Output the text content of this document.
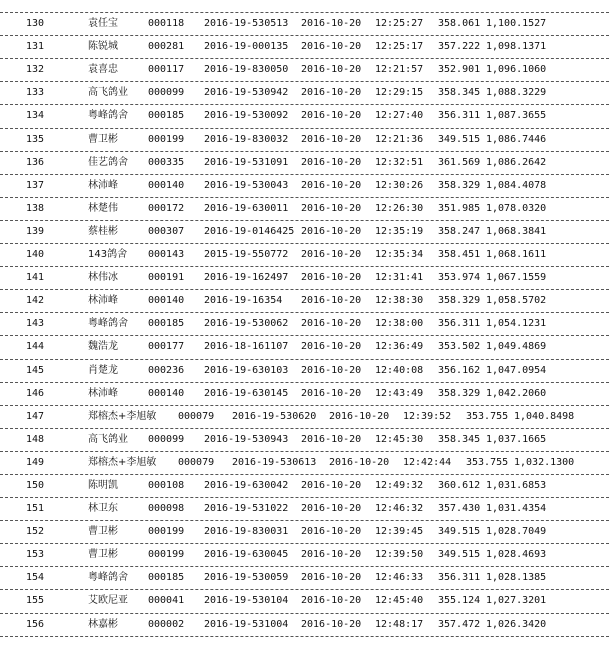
130	袁任宝	000118 2016-19-530513 2016-10-20 12:25:27 358.061 1,100.1527
131	陈锐城	000281 2016-19-000135 2016-10-20 12:25:17 357.222 1,098.1371
132	袁喜忠	000117 2016-19-830050 2016-10-20 12:21:57 352.901 1,096.1060
133	高飞鸽业 000099 2016-19-530942 2016-10-20 12:29:15 358.345 1,088.3229
134	粤峰鸽舍 000185 2016-19-530092 2016-10-20 12:27:40 356.311 1,087.3655
135	曹卫彬	000199 2016-19-830032 2016-10-20 12:21:36 349.515 1,086.7446
136	佳艺鸽舍 000335 2016-19-531091 2016-10-20 12:32:51 361.569 1,086.2642
137	林沛峰	000140 2016-19-530043 2016-10-20 12:30:26 358.329 1,084.4078
138	林楚伟	000172 2016-19-630011 2016-10-20 12:26:30 351.985 1,078.0320
139	蔡桂彬	000307 2016-19-0146425 2016-10-20 12:35:19 358.247 1,068.3841
140	143鸽舍 000143 2015-19-550772 2016-10-20 12:35:34 358.451 1,068.1611
141	林伟冰	000191 2016-19-162497 2016-10-20 12:31:41 353.974 1,067.1559
142	林沛峰	000140 2016-19-16354 2016-10-20 12:38:30 358.329 1,058.5702
143	粤峰鸽舍 000185 2016-19-530062 2016-10-20 12:38:00 356.311 1,054.1231
144	魏浩龙	000177 2016-18-161107 2016-10-20 12:36:49 353.502 1,049.4869
145	肖楚龙	000236 2016-19-630103 2016-10-20 12:40:08 356.162 1,047.0954
146	林沛峰	000140 2016-19-630145 2016-10-20 12:43:49 358.329 1,042.2060
147	郑榕杰+李旭敏 000079 2016-19-530620 2016-10-20 12:39:52 353.755 1,040.8498
148	高飞鸽业 000099 2016-19-530943 2016-10-20 12:45:30 358.345 1,037.1665
149	郑榕杰+李旭敏 000079 2016-19-530613 2016-10-20 12:42:44 353.755 1,032.1300
150	陈明凯	000108 2016-19-630042 2016-10-20 12:49:32 360.612 1,031.6853
151	林卫东	000098 2016-19-531022 2016-10-20 12:46:32 357.430 1,031.4354
152	曹卫彬	000199 2016-19-830031 2016-10-20 12:39:45 349.515 1,028.7049
153	曹卫彬	000199 2016-19-630045 2016-10-20 12:39:50 349.515 1,028.4693
154	粤峰鸽舍 000185 2016-19-530059 2016-10-20 12:46:33 356.311 1,028.1385
155	艾欧尼亚 000041 2016-19-530104 2016-10-20 12:45:40 355.124 1,027.3201
156	林嘉彬	000002 2016-19-531004 2016-10-20 12:48:17 357.472 1,026.3420
